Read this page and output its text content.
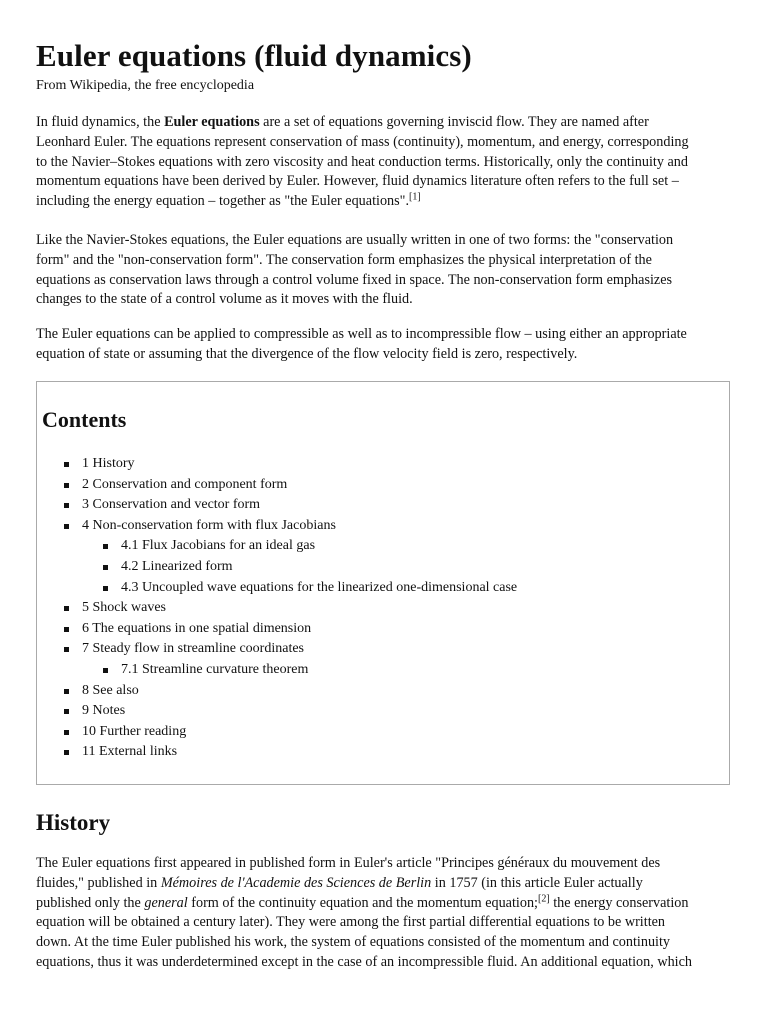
Euler equations (fluid dynamics)
From Wikipedia, the free encyclopedia
In fluid dynamics, the Euler equations are a set of equations governing inviscid flow. They are named after
Leonhard Euler. The equations represent conservation of mass (continuity), momentum, and energy, corresponding
to the Navier–Stokes equations with zero viscosity and heat conduction terms. Historically, only the continuity and
momentum equations have been derived by Euler. However, fluid dynamics literature often refers to the full set –
including the energy equation – together as "the Euler equations".[1]
Like the Navier-Stokes equations, the Euler equations are usually written in one of two forms: the "conservation
form" and the "non-conservation form". The conservation form emphasizes the physical interpretation of the
equations as conservation laws through a control volume fixed in space. The non-conservation form emphasizes
changes to the state of a control volume as it moves with the fluid.
The Euler equations can be applied to compressible as well as to incompressible flow – using either an appropriate
equation of state or assuming that the divergence of the flow velocity field is zero, respectively.
Contents
1 History
2 Conservation and component form
3 Conservation and vector form
4 Non-conservation form with flux Jacobians
4.1 Flux Jacobians for an ideal gas
4.2 Linearized form
4.3 Uncoupled wave equations for the linearized one-dimensional case
5 Shock waves
6 The equations in one spatial dimension
7 Steady flow in streamline coordinates
7.1 Streamline curvature theorem
8 See also
9 Notes
10 Further reading
11 External links
History
The Euler equations first appeared in published form in Euler's article "Principes généraux du mouvement des
fluides," published in Mémoires de l'Academie des Sciences de Berlin in 1757 (in this article Euler actually
published only the general form of the continuity equation and the momentum equation;[2] the energy conservation
equation will be obtained a century later). They were among the first partial differential equations to be written
down. At the time Euler published his work, the system of equations consisted of the momentum and continuity
equations, thus it was underdetermined except in the case of an incompressible fluid. An additional equation, which
